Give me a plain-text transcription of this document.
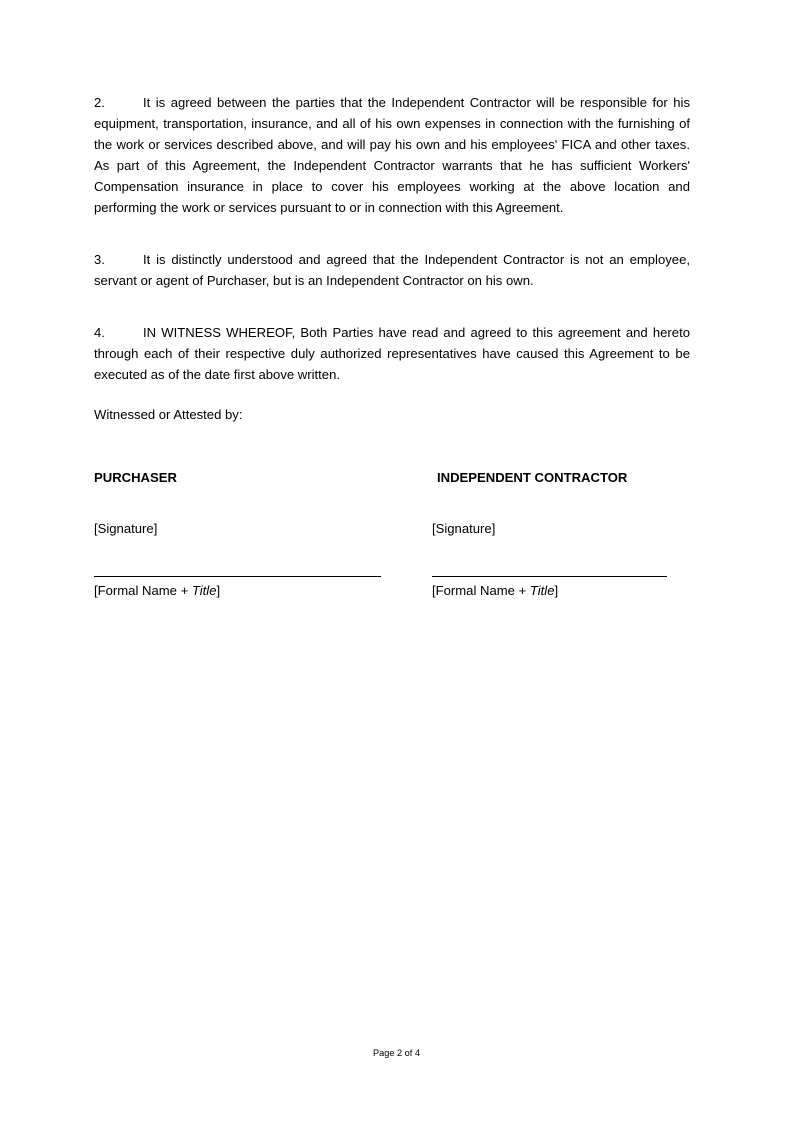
2.	It is agreed between the parties that the Independent Contractor will be responsible for his equipment, transportation, insurance, and all of his own expenses in connection with the furnishing of the work or services described above, and will pay his own and his employees' FICA and other taxes. As part of this Agreement, the Independent Contractor warrants that he has sufficient Workers' Compensation insurance in place to cover his employees working at the above location and performing the work or services pursuant to or in connection with this Agreement.

3.	It is distinctly understood and agreed that the Independent Contractor is not an employee, servant or agent of Purchaser, but is an Independent Contractor on his own.

4.	IN WITNESS WHEREOF, Both Parties have read and agreed to this agreement and hereto through each of their respective duly authorized representatives have caused this Agreement to be executed as of the date first above written.

Witnessed or Attested by:

PURCHASER

[Signature]

[Formal Name + Title]

INDEPENDENT CONTRACTOR

[Signature]

[Formal Name + Title]

Page 2 of 4
